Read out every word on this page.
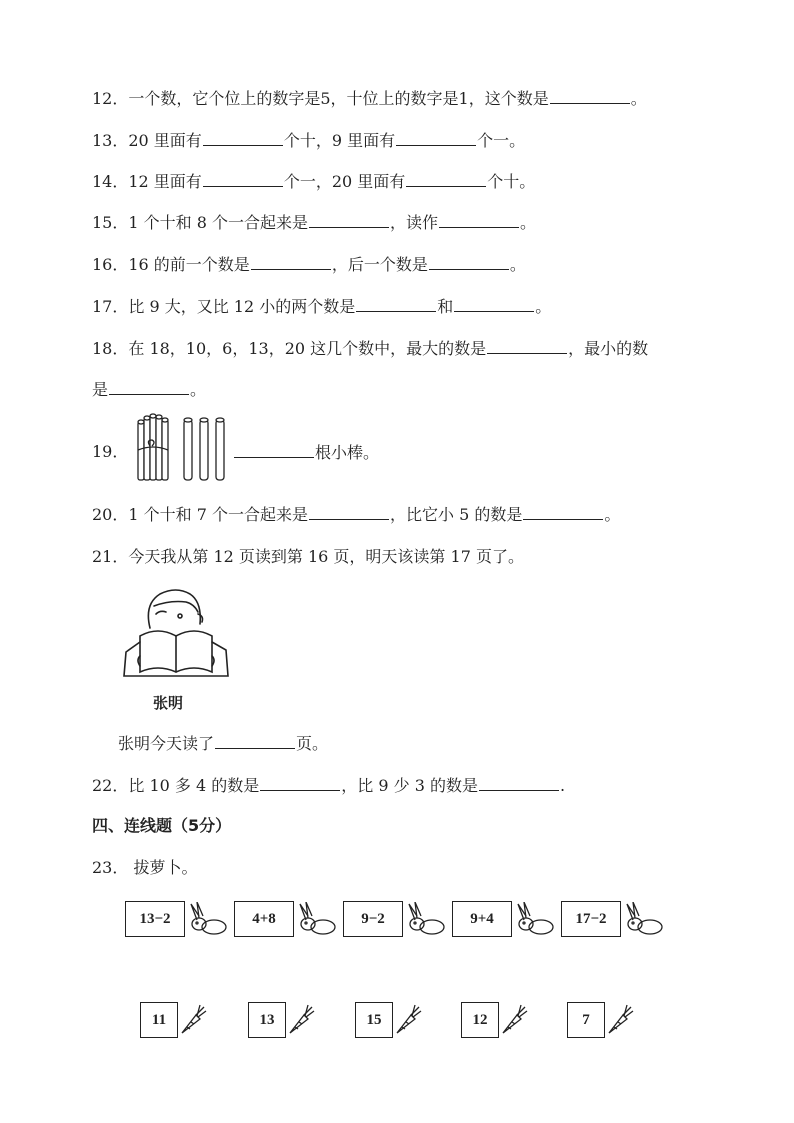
12．一个数，它个位上的数字是5，十位上的数字是1，这个数是	。
13．20 里面有	个十，9 里面有	个一。
14．12 里面有	个一，20 里面有	个十。
15．1 个十和 8 个一合起来是	，读作	。
16．16 的前一个数是	，后一个数是	。
17．比 9 大，又比 12 小的两个数是	和	。
18．在 18，10，6，13，20 这几个数中，最大的数是	，最小的数
是	。
19．	根小棒。
20．1 个十和 7 个一合起来是	，比它小 5 的数是	。
21．今天我从第 12 页读到第 16 页，明天该读第 17 页了。
张明
张明今天读了	页。
22．比 10 多 4 的数是	，比 9 少 3 的数是	.
四、连线题（5分）
23． 拔萝卜。
13−2	4+8	9−2	9+4	17−2
11	13	15	12	7
